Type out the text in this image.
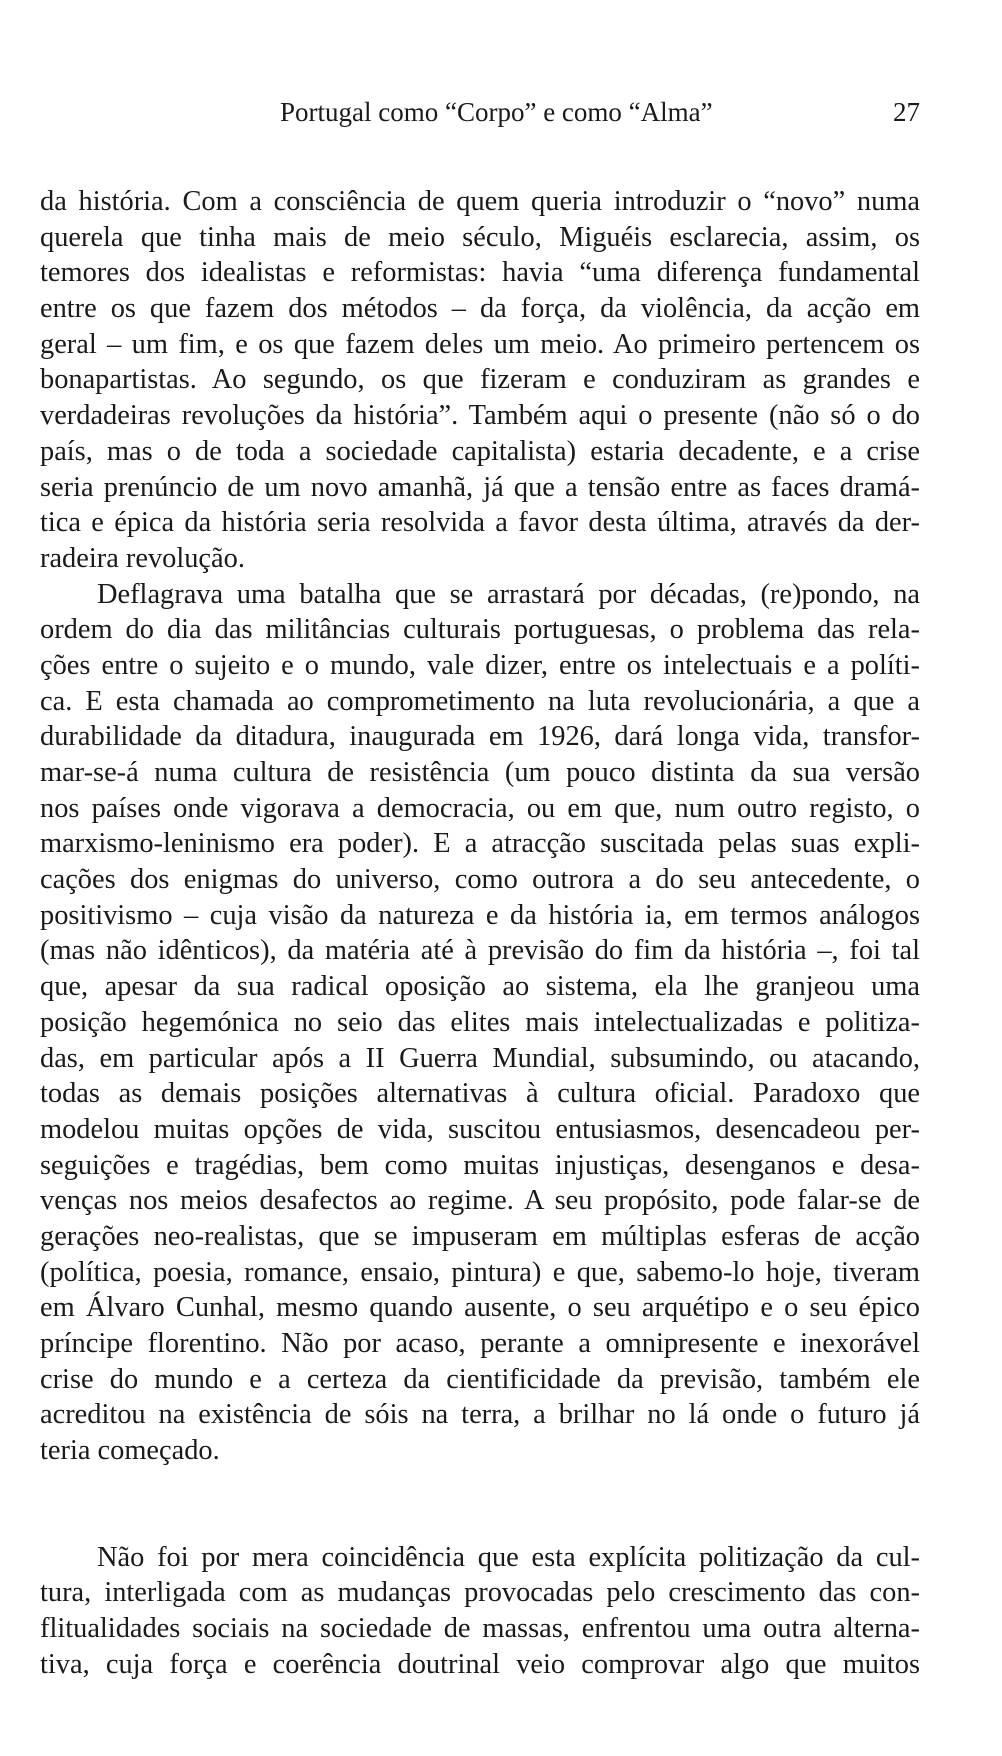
Portugal como “Corpo” e como “Alma”	27
da história. Com a consciência de quem queria introduzir o “novo” numa
querela que tinha mais de meio século, Miguéis esclarecia, assim, os
temores dos idealistas e reformistas: havia “uma diferença fundamental
entre os que fazem dos métodos – da força, da violência, da acção em
geral – um fim, e os que fazem deles um meio. Ao primeiro pertencem os
bonapartistas. Ao segundo, os que fizeram e conduziram as grandes e
verdadeiras revoluções da história”. Também aqui o presente (não só o do
país, mas o de toda a sociedade capitalista) estaria decadente, e a crise
seria prenúncio de um novo amanhã, já que a tensão entre as faces dramá-
tica e épica da história seria resolvida a favor desta última, através da der-
radeira revolução.
Deflagrava uma batalha que se arrastará por décadas, (re)pondo, na
ordem do dia das militâncias culturais portuguesas, o problema das rela-
ções entre o sujeito e o mundo, vale dizer, entre os intelectuais e a políti-
ca. E esta chamada ao comprometimento na luta revolucionária, a que a
durabilidade da ditadura, inaugurada em 1926, dará longa vida, transfor-
mar-se-á numa cultura de resistência (um pouco distinta da sua versão
nos países onde vigorava a democracia, ou em que, num outro registo, o
marxismo-leninismo era poder). E a atracção suscitada pelas suas expli-
cações dos enigmas do universo, como outrora a do seu antecedente, o
positivismo – cuja visão da natureza e da história ia, em termos análogos
(mas não idênticos), da matéria até à previsão do fim da história –, foi tal
que, apesar da sua radical oposição ao sistema, ela lhe granjeou uma
posição hegemónica no seio das elites mais intelectualizadas e politiza-
das, em particular após a II Guerra Mundial, subsumindo, ou atacando,
todas as demais posições alternativas à cultura oficial. Paradoxo que
modelou muitas opções de vida, suscitou entusiasmos, desencadeou per-
seguições e tragédias, bem como muitas injustiças, desenganos e desa-
venças nos meios desafectos ao regime. A seu propósito, pode falar-se de
gerações neo-realistas, que se impuseram em múltiplas esferas de acção
(política, poesia, romance, ensaio, pintura) e que, sabemo-lo hoje, tiveram
em Álvaro Cunhal, mesmo quando ausente, o seu arquétipo e o seu épico
príncipe florentino. Não por acaso, perante a omnipresente e inexorável
crise do mundo e a certeza da cientificidade da previsão, também ele
acreditou na existência de sóis na terra, a brilhar no lá onde o futuro já
teria começado.
Não foi por mera coincidência que esta explícita politização da cul-
tura, interligada com as mudanças provocadas pelo crescimento das con-
flitualidades sociais na sociedade de massas, enfrentou uma outra alterna-
tiva, cuja força e coerência doutrinal veio comprovar algo que muitos
